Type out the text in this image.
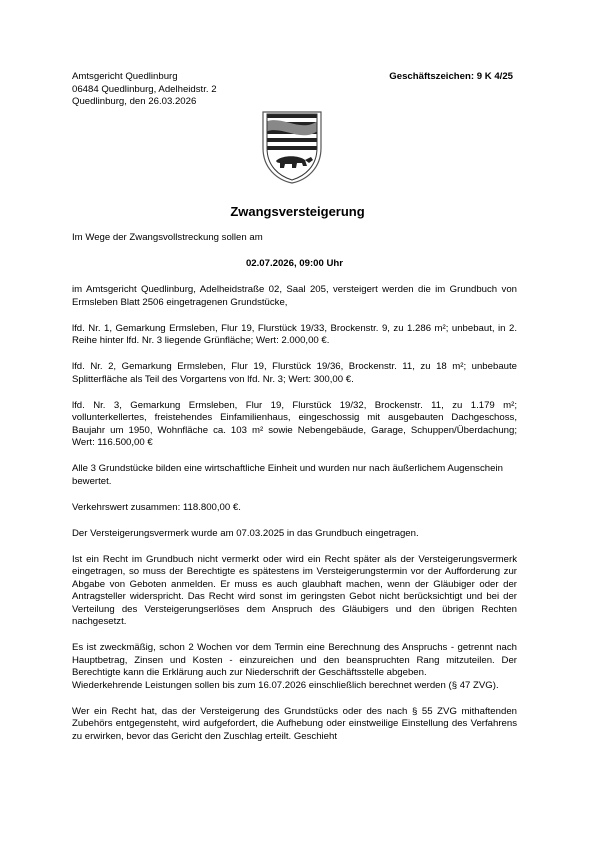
Amtsgericht Quedlinburg
06484 Quedlinburg, Adelheidstr. 2
Quedlinburg, den 26.03.2026
Geschäftszeichen: 9 K 4/25
Zwangsversteigerung

Im Wege der Zwangsvollstreckung sollen am

02.07.2026, 09:00 Uhr

im Amtsgericht Quedlinburg, Adelheidstraße 02, Saal 205, versteigert werden die im Grundbuch von Ermsleben Blatt 2506 eingetragenen Grundstücke,

lfd. Nr. 1, Gemarkung Ermsleben, Flur 19, Flurstück 19/33, Brockenstr. 9, zu 1.286 m²; unbebaut, in 2. Reihe hinter lfd. Nr. 3 liegende Grünfläche; Wert: 2.000,00 €.

lfd. Nr. 2, Gemarkung Ermsleben, Flur 19, Flurstück 19/36, Brockenstr. 11, zu 18 m²; unbebaute Splitterfläche als Teil des Vorgartens von lfd. Nr. 3; Wert: 300,00 €.

lfd. Nr. 3, Gemarkung Ermsleben, Flur 19, Flurstück 19/32, Brockenstr. 11, zu 1.179 m²; vollunterkellertes, freistehendes Einfamilienhaus, eingeschossig mit ausgebauten Dachgeschoss, Baujahr um 1950, Wohnfläche ca. 103 m² sowie Nebengebäude, Garage, Schuppen/Überdachung; Wert: 116.500,00 €

Alle 3 Grundstücke bilden eine wirtschaftliche Einheit und wurden nur nach äußerlichem Augenschein bewertet.

Verkehrswert zusammen: 118.800,00 €.

Der Versteigerungsvermerk wurde am 07.03.2025 in das Grundbuch eingetragen.

Ist ein Recht im Grundbuch nicht vermerkt oder wird ein Recht später als der Versteigerungsvermerk eingetragen, so muss der Berechtigte es spätestens im Versteigerungstermin vor der Aufforderung zur Abgabe von Geboten anmelden. Er muss es auch glaubhaft machen, wenn der Gläubiger oder der Antragsteller widerspricht. Das Recht wird sonst im geringsten Gebot nicht berücksichtigt und bei der Verteilung des Versteigerungserlöses dem Anspruch des Gläubigers und den übrigen Rechten nachgesetzt.

Es ist zweckmäßig, schon 2 Wochen vor dem Termin eine Berechnung des Anspruchs - getrennt nach Hauptbetrag, Zinsen und Kosten - einzureichen und den beanspruchten Rang mitzuteilen. Der Berechtigte kann die Erklärung auch zur Niederschrift der Geschäftsstelle abgeben.

Wiederkehrende Leistungen sollen bis zum 16.07.2026 einschließlich berechnet werden (§ 47 ZVG).

Wer ein Recht hat, das der Versteigerung des Grundstücks oder des nach § 55 ZVG mithaftenden Zubehörs entgegensteht, wird aufgefordert, die Aufhebung oder einstweilige Einstellung des Verfahrens zu erwirken, bevor das Gericht den Zuschlag erteilt. Geschieht
